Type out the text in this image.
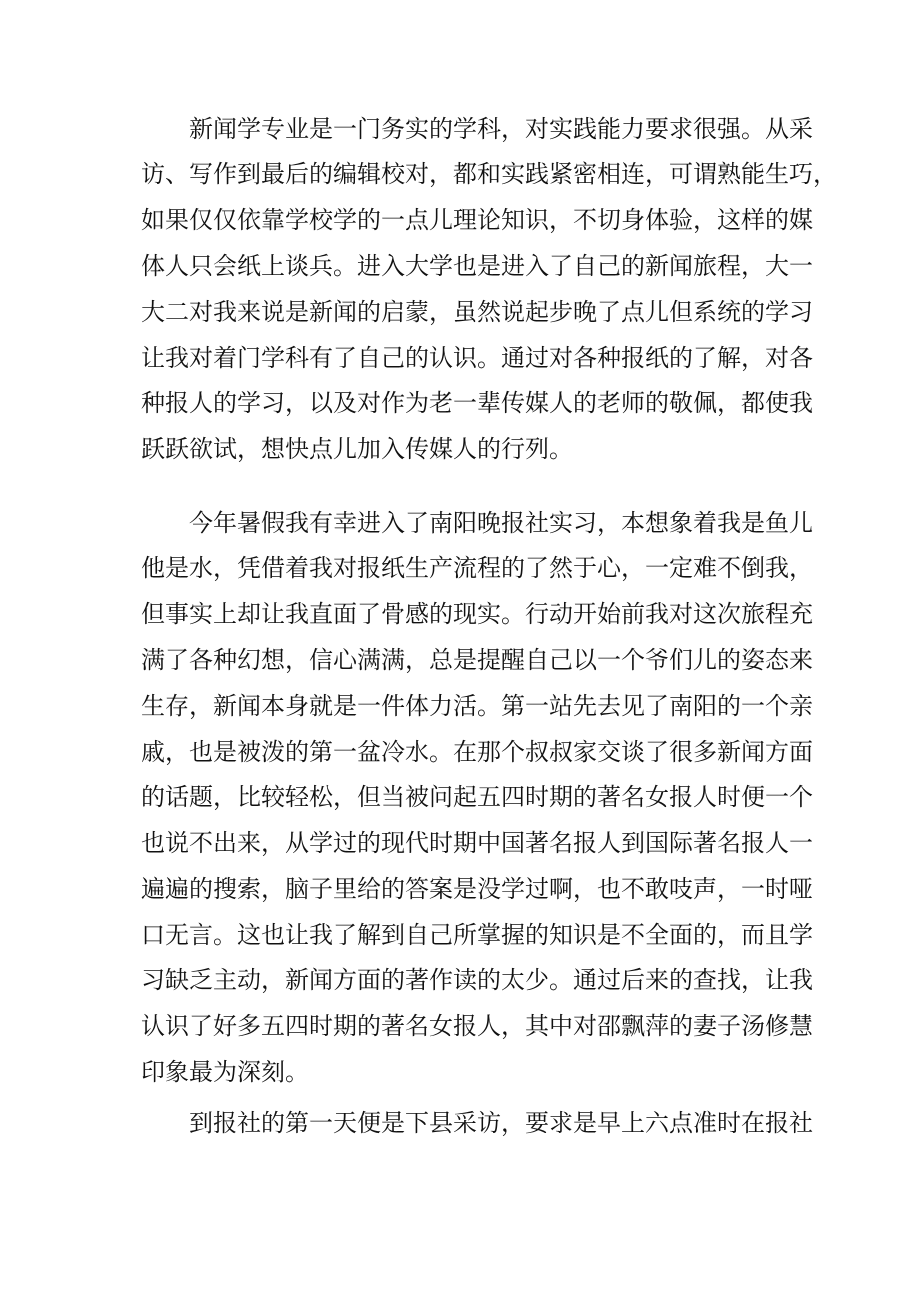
　　新闻学专业是一门务实的学科，对实践能力要求很强。从采
访、写作到最后的编辑校对，都和实践紧密相连，可谓熟能生巧，
如果仅仅依靠学校学的一点儿理论知识，不切身体验，这样的媒
体人只会纸上谈兵。进入大学也是进入了自己的新闻旅程，大一
大二对我来说是新闻的启蒙，虽然说起步晚了点儿但系统的学习
让我对着门学科有了自己的认识。通过对各种报纸的了解，对各
种报人的学习，以及对作为老一辈传媒人的老师的敬佩，都使我
跃跃欲试，想快点儿加入传媒人的行列。
　　今年暑假我有幸进入了南阳晚报社实习，本想象着我是鱼儿
他是水，凭借着我对报纸生产流程的了然于心，一定难不倒我，
但事实上却让我直面了骨感的现实。行动开始前我对这次旅程充
满了各种幻想，信心满满，总是提醒自己以一个爷们儿的姿态来
生存，新闻本身就是一件体力活。第一站先去见了南阳的一个亲
戚，也是被泼的第一盆冷水。在那个叔叔家交谈了很多新闻方面
的话题，比较轻松，但当被问起五四时期的著名女报人时便一个
也说不出来，从学过的现代时期中国著名报人到国际著名报人一
遍遍的搜索，脑子里给的答案是没学过啊，也不敢吱声，一时哑
口无言。这也让我了解到自己所掌握的知识是不全面的，而且学
习缺乏主动，新闻方面的著作读的太少。通过后来的查找，让我
认识了好多五四时期的著名女报人，其中对邵飘萍的妻子汤修慧
印象最为深刻。
　　到报社的第一天便是下县采访，要求是早上六点准时在报社
